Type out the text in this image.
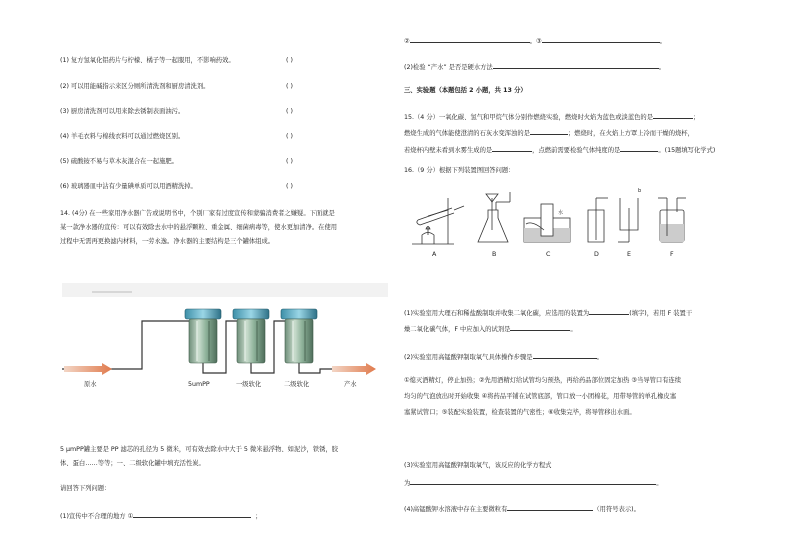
(1) 复方氢氧化铝药片与柠檬、橘子等一起服用，不影响药效。	( )
(2) 可以用能碱指示来区分厕所清洗剂和厨房清洗剂。	( )
(3) 厨房清洗剂可以用来除去锈制表面油污。	( )
(4) 羊毛衣料与棉线衣料可以通过燃烧区别。	( )
(5) 硫酸铵不易与草木灰混合在一起施肥。	( )
(6) 玻璃器皿中沾有少量碘单质可以用酒精洗掉。	( )
14. (4分) 在一些家用净水器广告或说明书中，个别厂家有过度宣传和蒙骗消费者之嫌疑。下面就是
某一款净水器的宣传：可以有效除去水中的悬浮颗粒、重金属、细菌病毒等，使水更加清净。在使用
过程中无需再更换滤内材料，一劳永逸。净水器的主要结构是三个罐体组成。
原水	5umPP	一级软化	二级软化	产水
5 μmPP罐主要是 PP 滤芯的孔径为 5 微米，可有效去除水中大于 5 微米悬浮物、如泥沙，铁锈，胶
体、蛋白……等等；一、二级软化罐中填充活性炭。
请回答下列问题：
(1)宣传中不合理的地方 ①	；
②	。③	。
(2)检验 “产水” 是否是硬水方法	。
三、实验题（本题包括 2 小题，共 13 分）
15.（4 分）一氧化碳、氢气和甲烷气体分别作燃烧实验，燃烧时火焰为蓝色或淡蓝色的是	；
燃烧生成的气体能使澄清的石灰水变浑浊的是	；燃烧时，在火焰上方罩上冷而干燥的烧杯，
若烧杯内壁未看到水雾生成的是	，点燃前需要检验气体纯度的是	。(15题填写化学式)
16.（9 分）根据下列装置图回答问题：
水
b
A	B	C	D	E	F
(1)实验室用大理石和稀盐酸制取并收集二氧化碳，应选用的装置为	(填字)，若用 F 装置干
燥二氧化碳气体，F 中应加入的试剂是	。
(2)实验室用高锰酸钾制取氧气具体操作步骤是	。
①熄灭酒精灯，停止加热；②先用酒精灯给试管均匀预热，再给药品部位固定加热 ③当导管口有连续
均匀的气泡放出时开始收集 ④将药品平铺在试管底部，管口放一小团棉花，用带导管的单孔橡皮塞
塞紧试管口；⑤装配实验装置，检查装置的气密性；⑥收集完毕，将导管移出水面。
(3)实验室用高锰酸钾制取氧气，该反应的化学方程式
为	。
(4)高锰酸钾水溶液中存在主要微粒有	（用符号表示)。
